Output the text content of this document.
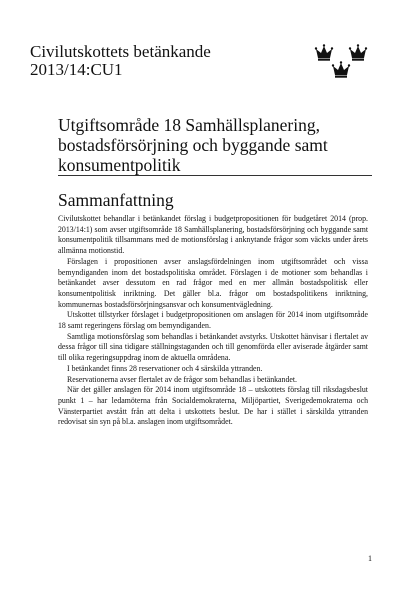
Civilutskottets betänkande
2013/14:CU1
Utgiftsområde 18 Samhällsplanering, bostadsförsörjning och byggande samt konsumentpolitik
Sammanfattning

Civilutskottet behandlar i betänkandet förslag i budgetpropositionen för budgetåret 2014 (prop. 2013/14:1) som avser utgiftsområde 18 Samhällsplanering, bostadsförsörjning och byggande samt konsumentpolitik tillsammans med de motionsförslag i anknytande frågor som väckts under årets allmänna motionstid.

Förslagen i propositionen avser anslagsfördelningen inom utgiftsområdet och vissa bemyndiganden inom det bostadspolitiska området. Förslagen i de motioner som behandlas i betänkandet avser dessutom en rad frågor med en mer allmän bostadspolitisk eller konsumentpolitisk inriktning. Det gäller bl.a. frågor om bostadspolitikens inriktning, kommunernas bostadsförsörjningsansvar och konsumentvägledning.

Utskottet tillstyrker förslaget i budgetpropositionen om anslagen för 2014 inom utgiftsområde 18 samt regeringens förslag om bemyndiganden.

Samtliga motionsförslag som behandlas i betänkandet avstyrks. Utskottet hänvisar i flertalet av dessa frågor till sina tidigare ställningstaganden och till genomförda eller aviserade åtgärder samt till olika regeringsuppdrag inom de aktuella områdena.

I betänkandet finns 28 reservationer och 4 särskilda yttranden.

Reservationerna avser flertalet av de frågor som behandlas i betänkandet.

När det gäller anslagen för 2014 inom utgiftsområde 18 – utskottets förslag till riksdagsbeslut punkt 1 – har ledamöterna från Socialdemokraterna, Miljöpartiet, Sverigedemokraterna och Vänsterpartiet avstått från att delta i utskottets beslut. De har i stället i särskilda yttranden redovisat sin syn på bl.a. anslagen inom utgiftsområdet.

1
